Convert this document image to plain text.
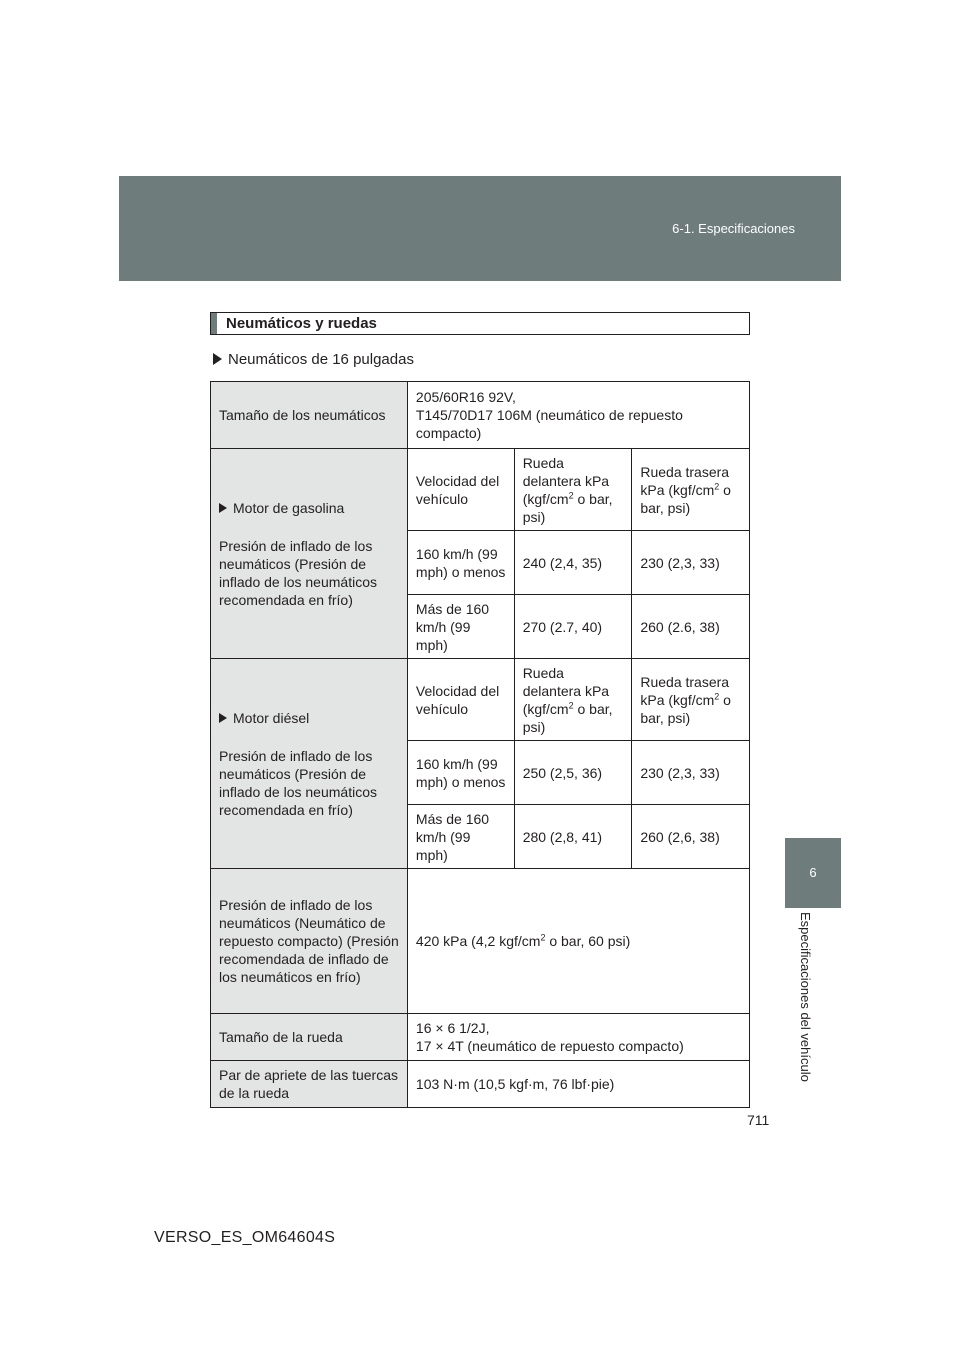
6-1. Especificaciones
6
Especificaciones del vehículo
Neumáticos y ruedas
Neumáticos de 16 pulgadas
Tamaño de los neumáticos	205/60R16 92V,
T145/70D17 106M (neumático de repuesto compacto)		

Motor de gasolina
Presión de inflado de los neumáticos (Presión de inflado de los neumáticos recomendada en frío)	Velocidad del vehículo	Rueda delantera kPa ($kgf/cm^2$ o bar, psi)	Rueda trasera kPa ($kgf/cm^2$ o bar, psi)
	160 km/h (99 mph) o menos	240 (2,4, 35)	230 (2,3, 33)
	Más de 160 km/h (99 mph)	270 (2.7, 40)	260 (2.6, 38)

Motor diésel
Presión de inflado de los neumáticos (Presión de inflado de los neumáticos recomendada en frío)	Velocidad del vehículo	Rueda delantera kPa ($kgf/cm^2$ o bar, psi)	Rueda trasera kPa ($kgf/cm^2$ o bar, psi)
	160 km/h (99 mph) o menos	250 (2,5, 36)	230 (2,3, 33)
	Más de 160 km/h (99 mph)	280 (2,8, 41)	260 (2,6, 38)
Presión de inflado de los neumáticos (Neumático de repuesto compacto) (Presión recomendada de inflado de los neumáticos en frío)	420 kPa (4,2 kgf/$cm^2$ o bar, 60 psi)		
Tamaño de la rueda	16 × 6 1/2J,
17 × 4T (neumático de repuesto compacto)		
Par de apriete de las tuercas de la rueda	103 N·m (10,5 kgf·m, 76 lbf·pie)		
711
VERSO_ES_OM64604S
